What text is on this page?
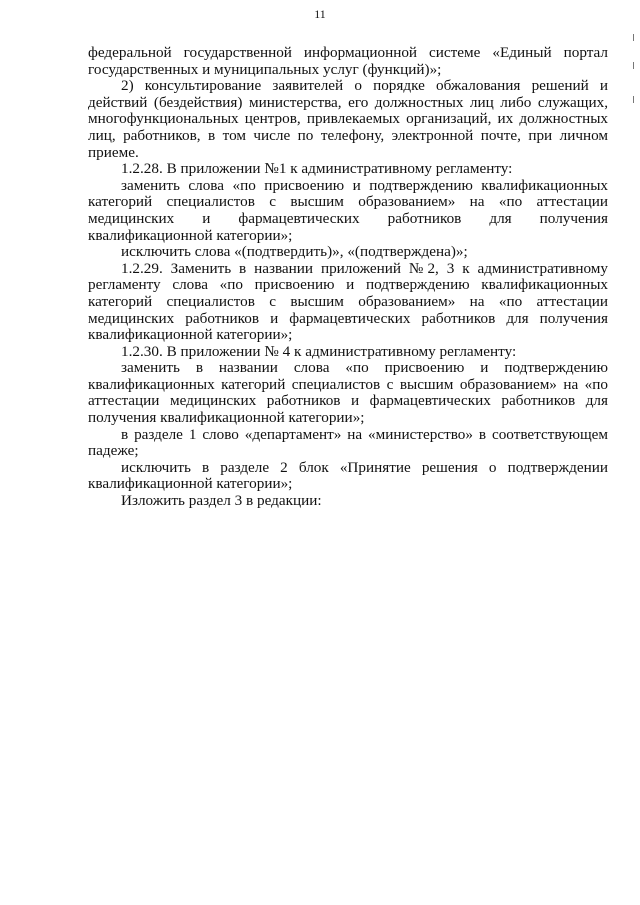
11

федеральной государственной информационной системе «Единый портал государственных и муниципальных услуг (функций)»;

2) консультирование заявителей о порядке обжалования решений и действий (бездействия) министерства, его должностных лиц либо служащих, многофункциональных центров, привлекаемых организаций, их должностных лиц, работников, в том числе по телефону, электронной почте, при личном приеме.

1.2.28. В приложении №1 к административному регламенту:

заменить слова «по присвоению и подтверждению квалификационных категорий специалистов с высшим образованием» на «по аттестации медицинских и фармацевтических работников для получения квалификационной категории»;

исключить слова «(подтвердить)», «(подтверждена)»;

1.2.29. Заменить в названии приложений №2, 3 к административному регламенту слова «по присвоению и подтверждению квалификационных категорий специалистов с высшим образованием» на «по аттестации медицинских работников и фармацевтических работников для получения квалификационной категории»;

1.2.30. В приложении № 4 к административному регламенту:

заменить в названии слова «по присвоению и подтверждению квалификационных категорий специалистов с высшим образованием» на «по аттестации медицинских работников и фармацевтических работников для получения квалификационной категории»;

в разделе 1 слово «департамент» на «министерство» в соответствующем падеже;

исключить в разделе 2 блок «Принятие решения о подтверждении квалификационной категории»;

Изложить раздел 3 в редакции:
